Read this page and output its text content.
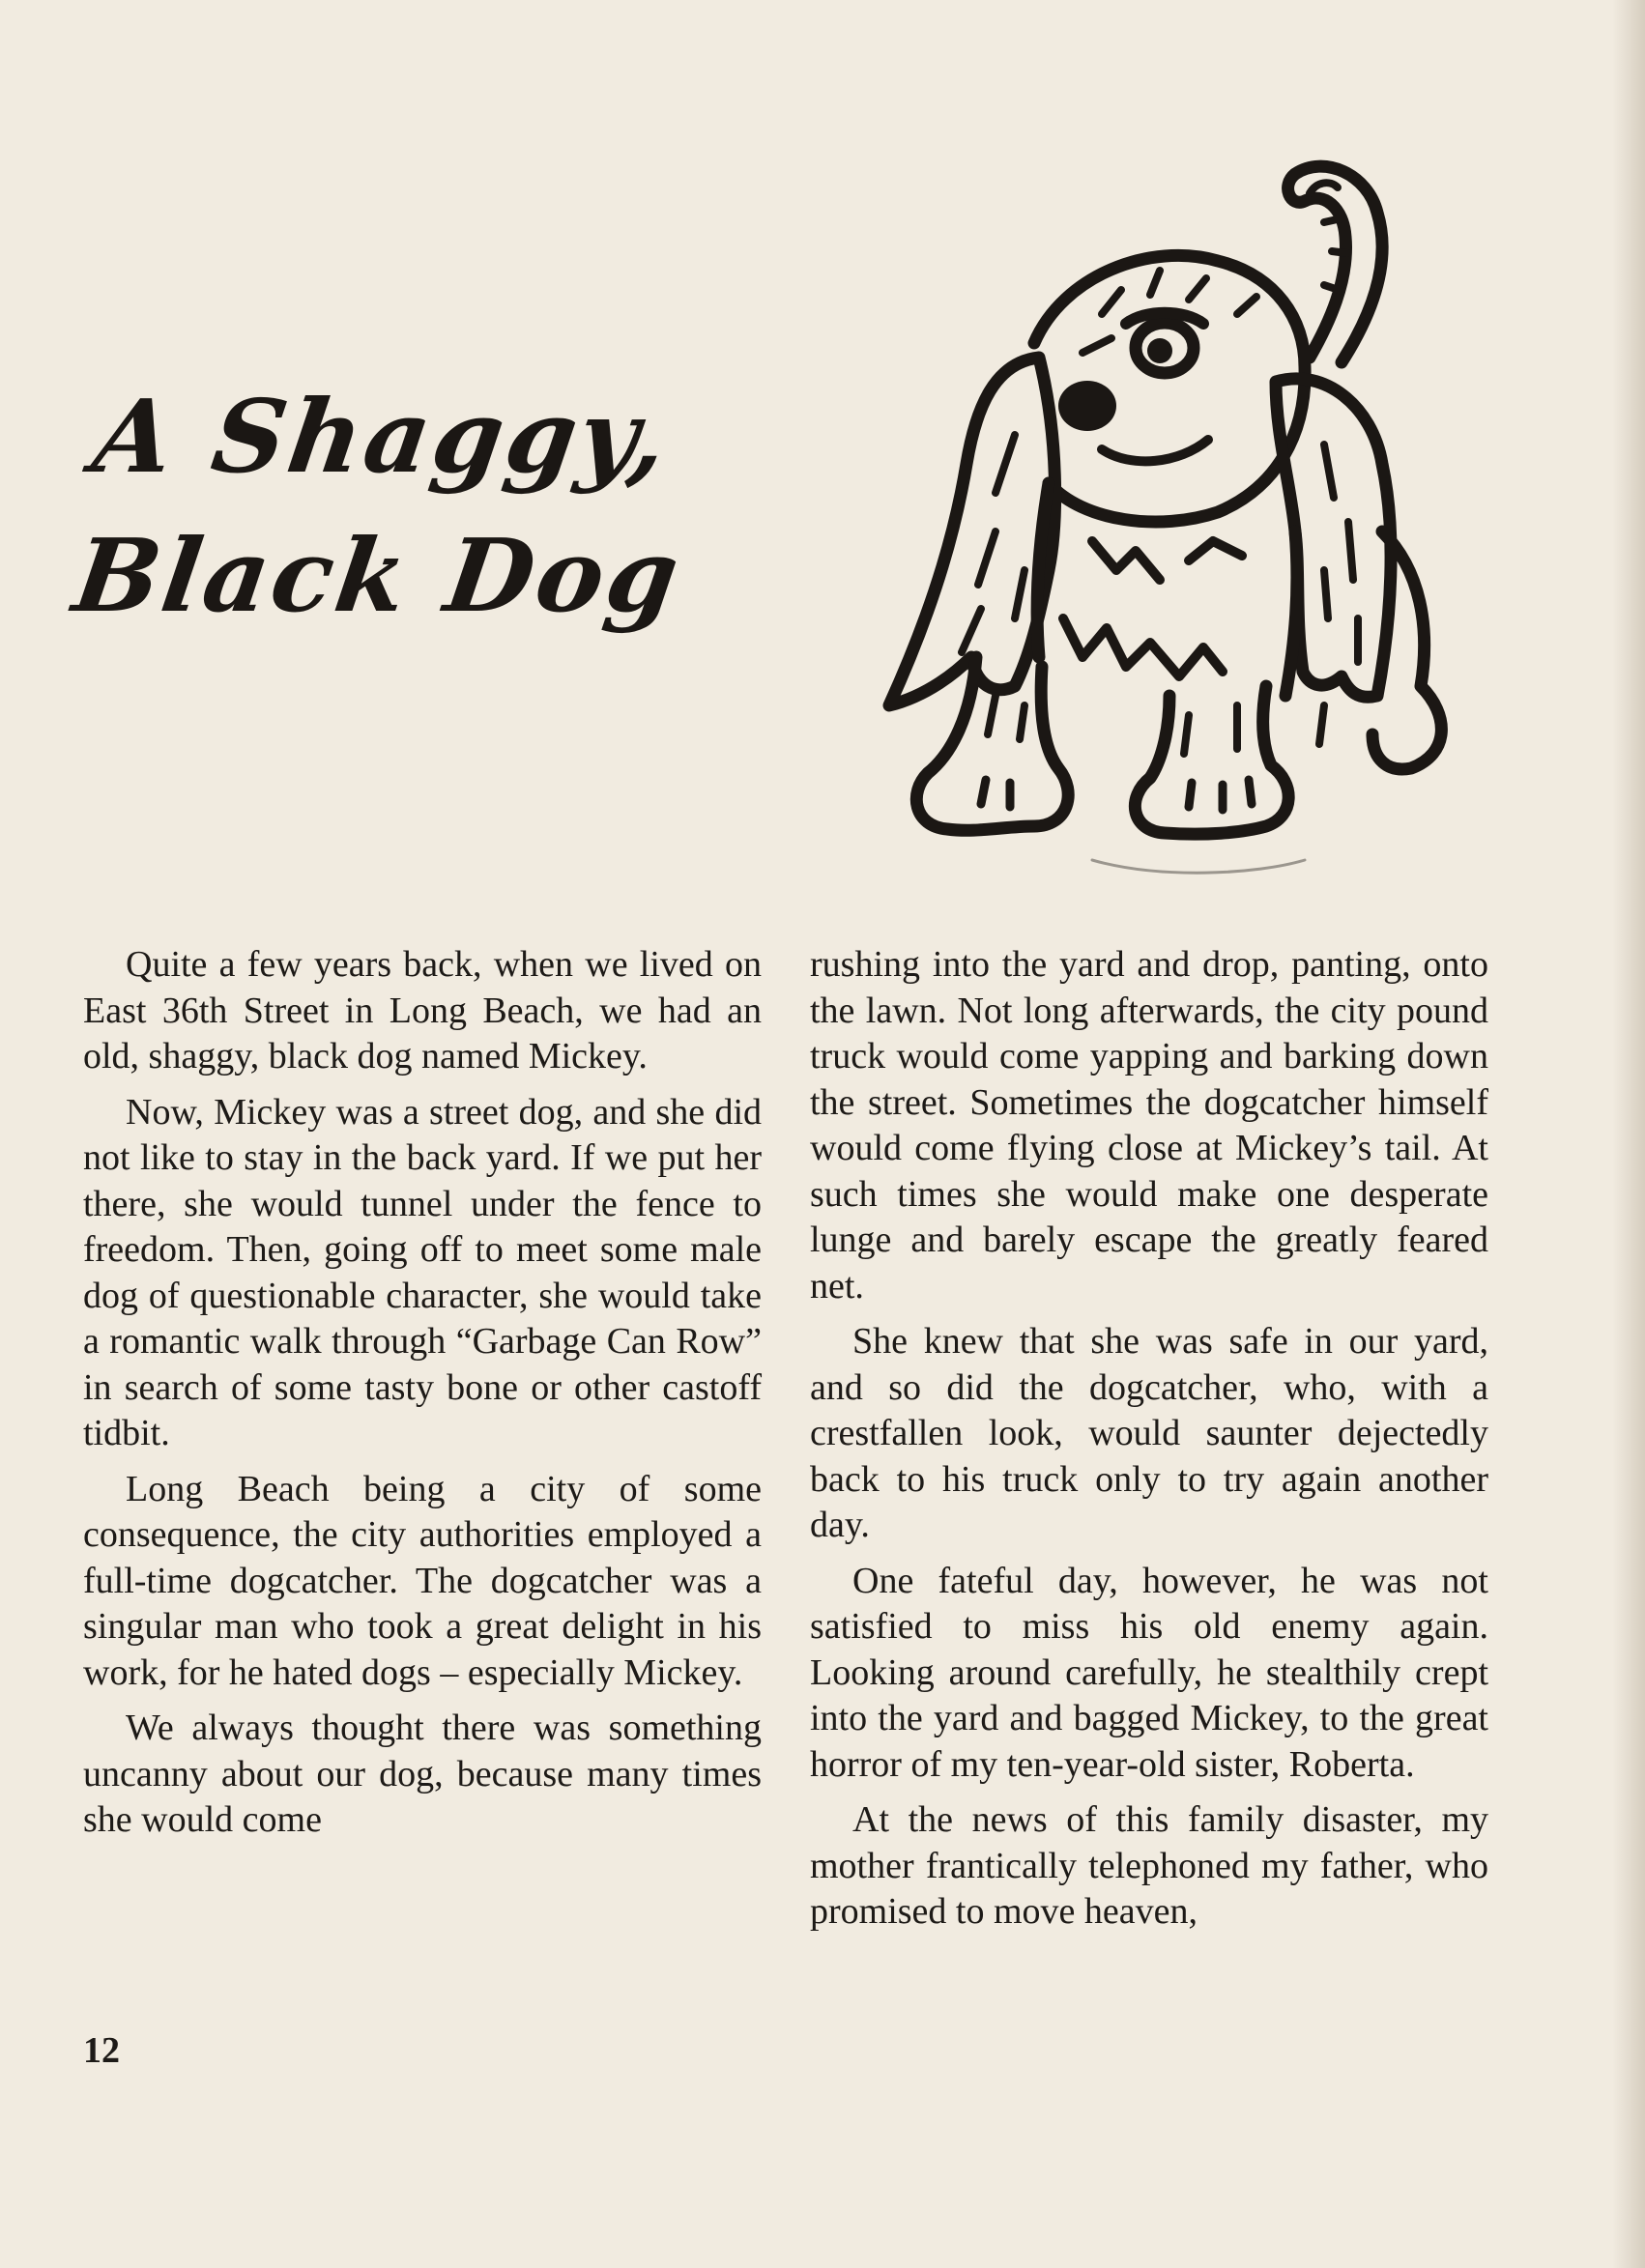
A Shaggy,
Black Dog

Quite a few years back, when we lived on East 36th Street in Long Beach, we had an old, shaggy, black dog named Mickey.

Now, Mickey was a street dog, and she did not like to stay in the back yard. If we put her there, she would tunnel under the fence to freedom. Then, going off to meet some male dog of questionable character, she would take a romantic walk through “Garbage Can Row” in search of some tasty bone or other castoff tidbit.

Long Beach being a city of some consequence, the city authorities employed a full-time dogcatcher. The dogcatcher was a singular man who took a great delight in his work, for he hated dogs – especially Mickey.

We always thought there was something uncanny about our dog, because many times she would come

rushing into the yard and drop, panting, onto the lawn. Not long afterwards, the city pound truck would come yapping and barking down the street. Sometimes the dogcatcher himself would come flying close at Mickey’s tail. At such times she would make one desperate lunge and barely escape the greatly feared net.

She knew that she was safe in our yard, and so did the dogcatcher, who, with a crestfallen look, would saunter dejectedly back to his truck only to try again another day.

One fateful day, however, he was not satisfied to miss his old enemy again. Looking around carefully, he stealthily crept into the yard and bagged Mickey, to the great horror of my ten-year-old sister, Roberta.

At the news of this family disaster, my mother frantically telephoned my father, who promised to move heaven,

12
